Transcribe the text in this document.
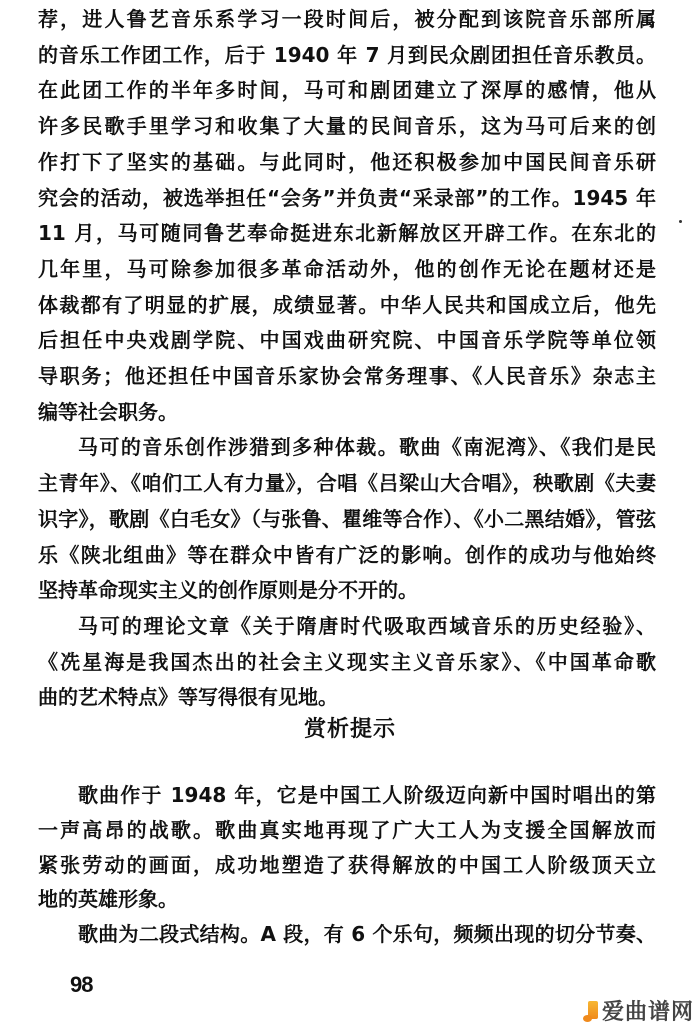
荐，进人鲁艺音乐系学习一段时间后，被分配到该院音乐部所属
的音乐工作团工作，后于 1940 年 7 月到民众剧团担任音乐教员。
在此团工作的半年多时间，马可和剧团建立了深厚的感情，他从
许多民歌手里学习和收集了大量的民间音乐，这为马可后来的创
作打下了坚实的基础。与此同时，他还积极参加中国民间音乐研
究会的活动，被选举担任“会务”并负责“采录部”的工作。1945 年
11 月，马可随同鲁艺奉命挺进东北新解放区开辟工作。在东北的
几年里，马可除参加很多革命活动外，他的创作无论在题材还是
体裁都有了明显的扩展，成绩显著。中华人民共和国成立后，他先
后担任中央戏剧学院、中国戏曲研究院、中国音乐学院等单位领
导职务；他还担任中国音乐家协会常务理事、《人民音乐》杂志主
编等社会职务。
马可的音乐创作涉猎到多种体裁。歌曲《南泥湾》、《我们是民
主青年》、《咱们工人有力量》，合唱《吕梁山大合唱》，秧歌剧《夫妻
识字》，歌剧《白毛女》（与张鲁、瞿维等合作）、《小二黑结婚》，管弦
乐《陕北组曲》等在群众中皆有广泛的影响。创作的成功与他始终
坚持革命现实主义的创作原则是分不开的。
马可的理论文章《关于隋唐时代吸取西域音乐的历史经验》、
《冼星海是我国杰出的社会主义现实主义音乐家》、《中国革命歌
曲的艺术特点》等写得很有见地。
赏析提示
歌曲作于 1948 年，它是中国工人阶级迈向新中国时唱出的第
一声高昂的战歌。歌曲真实地再现了广大工人为支援全国解放而
紧张劳动的画面，成功地塑造了获得解放的中国工人阶级顶天立
地的英雄形象。
歌曲为二段式结构。A 段，有 6 个乐句，频频出现的切分节奏、
98
爱曲谱网
